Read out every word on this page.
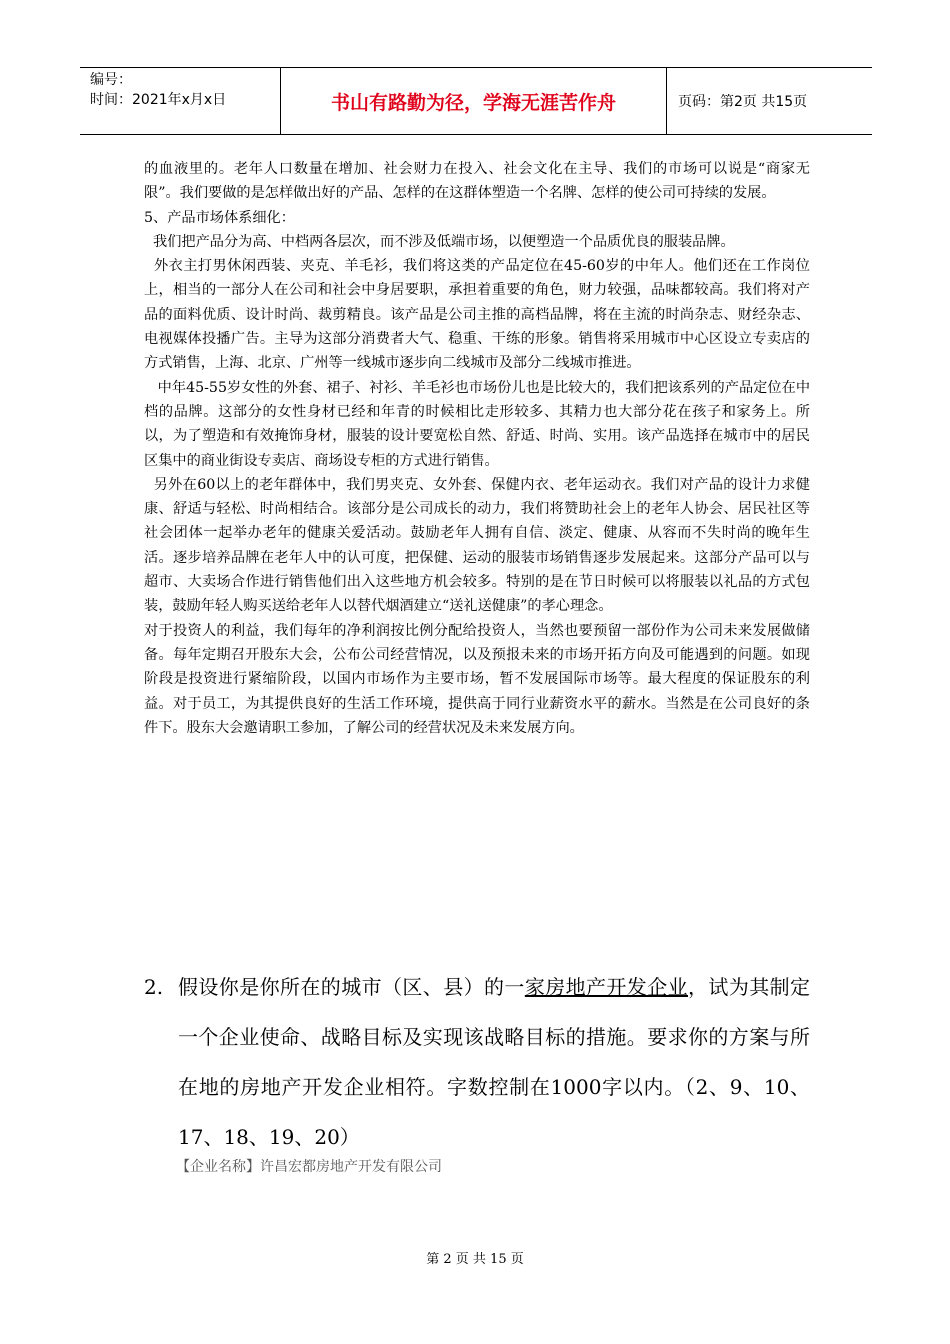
编号：
时间：2021年x月x日	书山有路勤为径，学海无涯苦作舟	页码：第2页 共15页

的血液里的。老年人口数量在增加、社会财力在投入、社会文化在主导、我们的市场可以说是“商家无限”。我们要做的是怎样做出好的产品、怎样的在这群体塑造一个名牌、怎样的使公司可持续的发展。

5、产品市场体系细化：

我们把产品分为高、中档两各层次，而不涉及低端市场，以便塑造一个品质优良的服装品牌。

外衣主打男休闲西装、夹克、羊毛衫，我们将这类的产品定位在45-60岁的中年人。他们还在工作岗位上，相当的一部分人在公司和社会中身居要职，承担着重要的角色，财力较强，品味都较高。我们将对产品的面料优质、设计时尚、裁剪精良。该产品是公司主推的高档品牌，将在主流的时尚杂志、财经杂志、电视媒体投播广告。主导为这部分消费者大气、稳重、干练的形象。销售将采用城市中心区设立专卖店的方式销售，上海、北京、广州等一线城市逐步向二线城市及部分二线城市推进。

中年45-55岁女性的外套、裙子、衬衫、羊毛衫也市场份儿也是比较大的，我们把该系列的产品定位在中档的品牌。这部分的女性身材已经和年青的时候相比走形较多、其精力也大部分花在孩子和家务上。所以，为了塑造和有效掩饰身材，服装的设计要宽松自然、舒适、时尚、实用。该产品选择在城市中的居民区集中的商业街设专卖店、商场设专柜的方式进行销售。

另外在60以上的老年群体中，我们男夹克、女外套、保健内衣、老年运动衣。我们对产品的设计力求健康、舒适与轻松、时尚相结合。该部分是公司成长的动力，我们将赞助社会上的老年人协会、居民社区等社会团体一起举办老年的健康关爱活动。鼓励老年人拥有自信、淡定、健康、从容而不失时尚的晚年生活。逐步培养品牌在老年人中的认可度，把保健、运动的服装市场销售逐步发展起来。这部分产品可以与超市、大卖场合作进行销售他们出入这些地方机会较多。特别的是在节日时候可以将服装以礼品的方式包装，鼓励年轻人购买送给老年人以替代烟酒建立“送礼送健康”的孝心理念。

对于投资人的利益，我们每年的净利润按比例分配给投资人，当然也要预留一部份作为公司未来发展做储备。每年定期召开股东大会，公布公司经营情况，以及预报未来的市场开拓方向及可能遇到的问题。如现阶段是投资进行紧缩阶段，以国内市场作为主要市场，暂不发展国际市场等。最大程度的保证股东的利益。对于员工，为其提供良好的生活工作环境，提供高于同行业薪资水平的薪水。当然是在公司良好的条件下。股东大会邀请职工参加，了解公司的经营状况及未来发展方向。

2. 假设你是你所在的城市（区、县）的一家房地产开发企业，试为其制定一个企业使命、战略目标及实现该战略目标的措施。要求你的方案与所在地的房地产开发企业相符。字数控制在1000字以内。（2、9、10、17、18、19、20）
【企业名称】许昌宏都房地产开发有限公司
第 2 页 共 15 页
